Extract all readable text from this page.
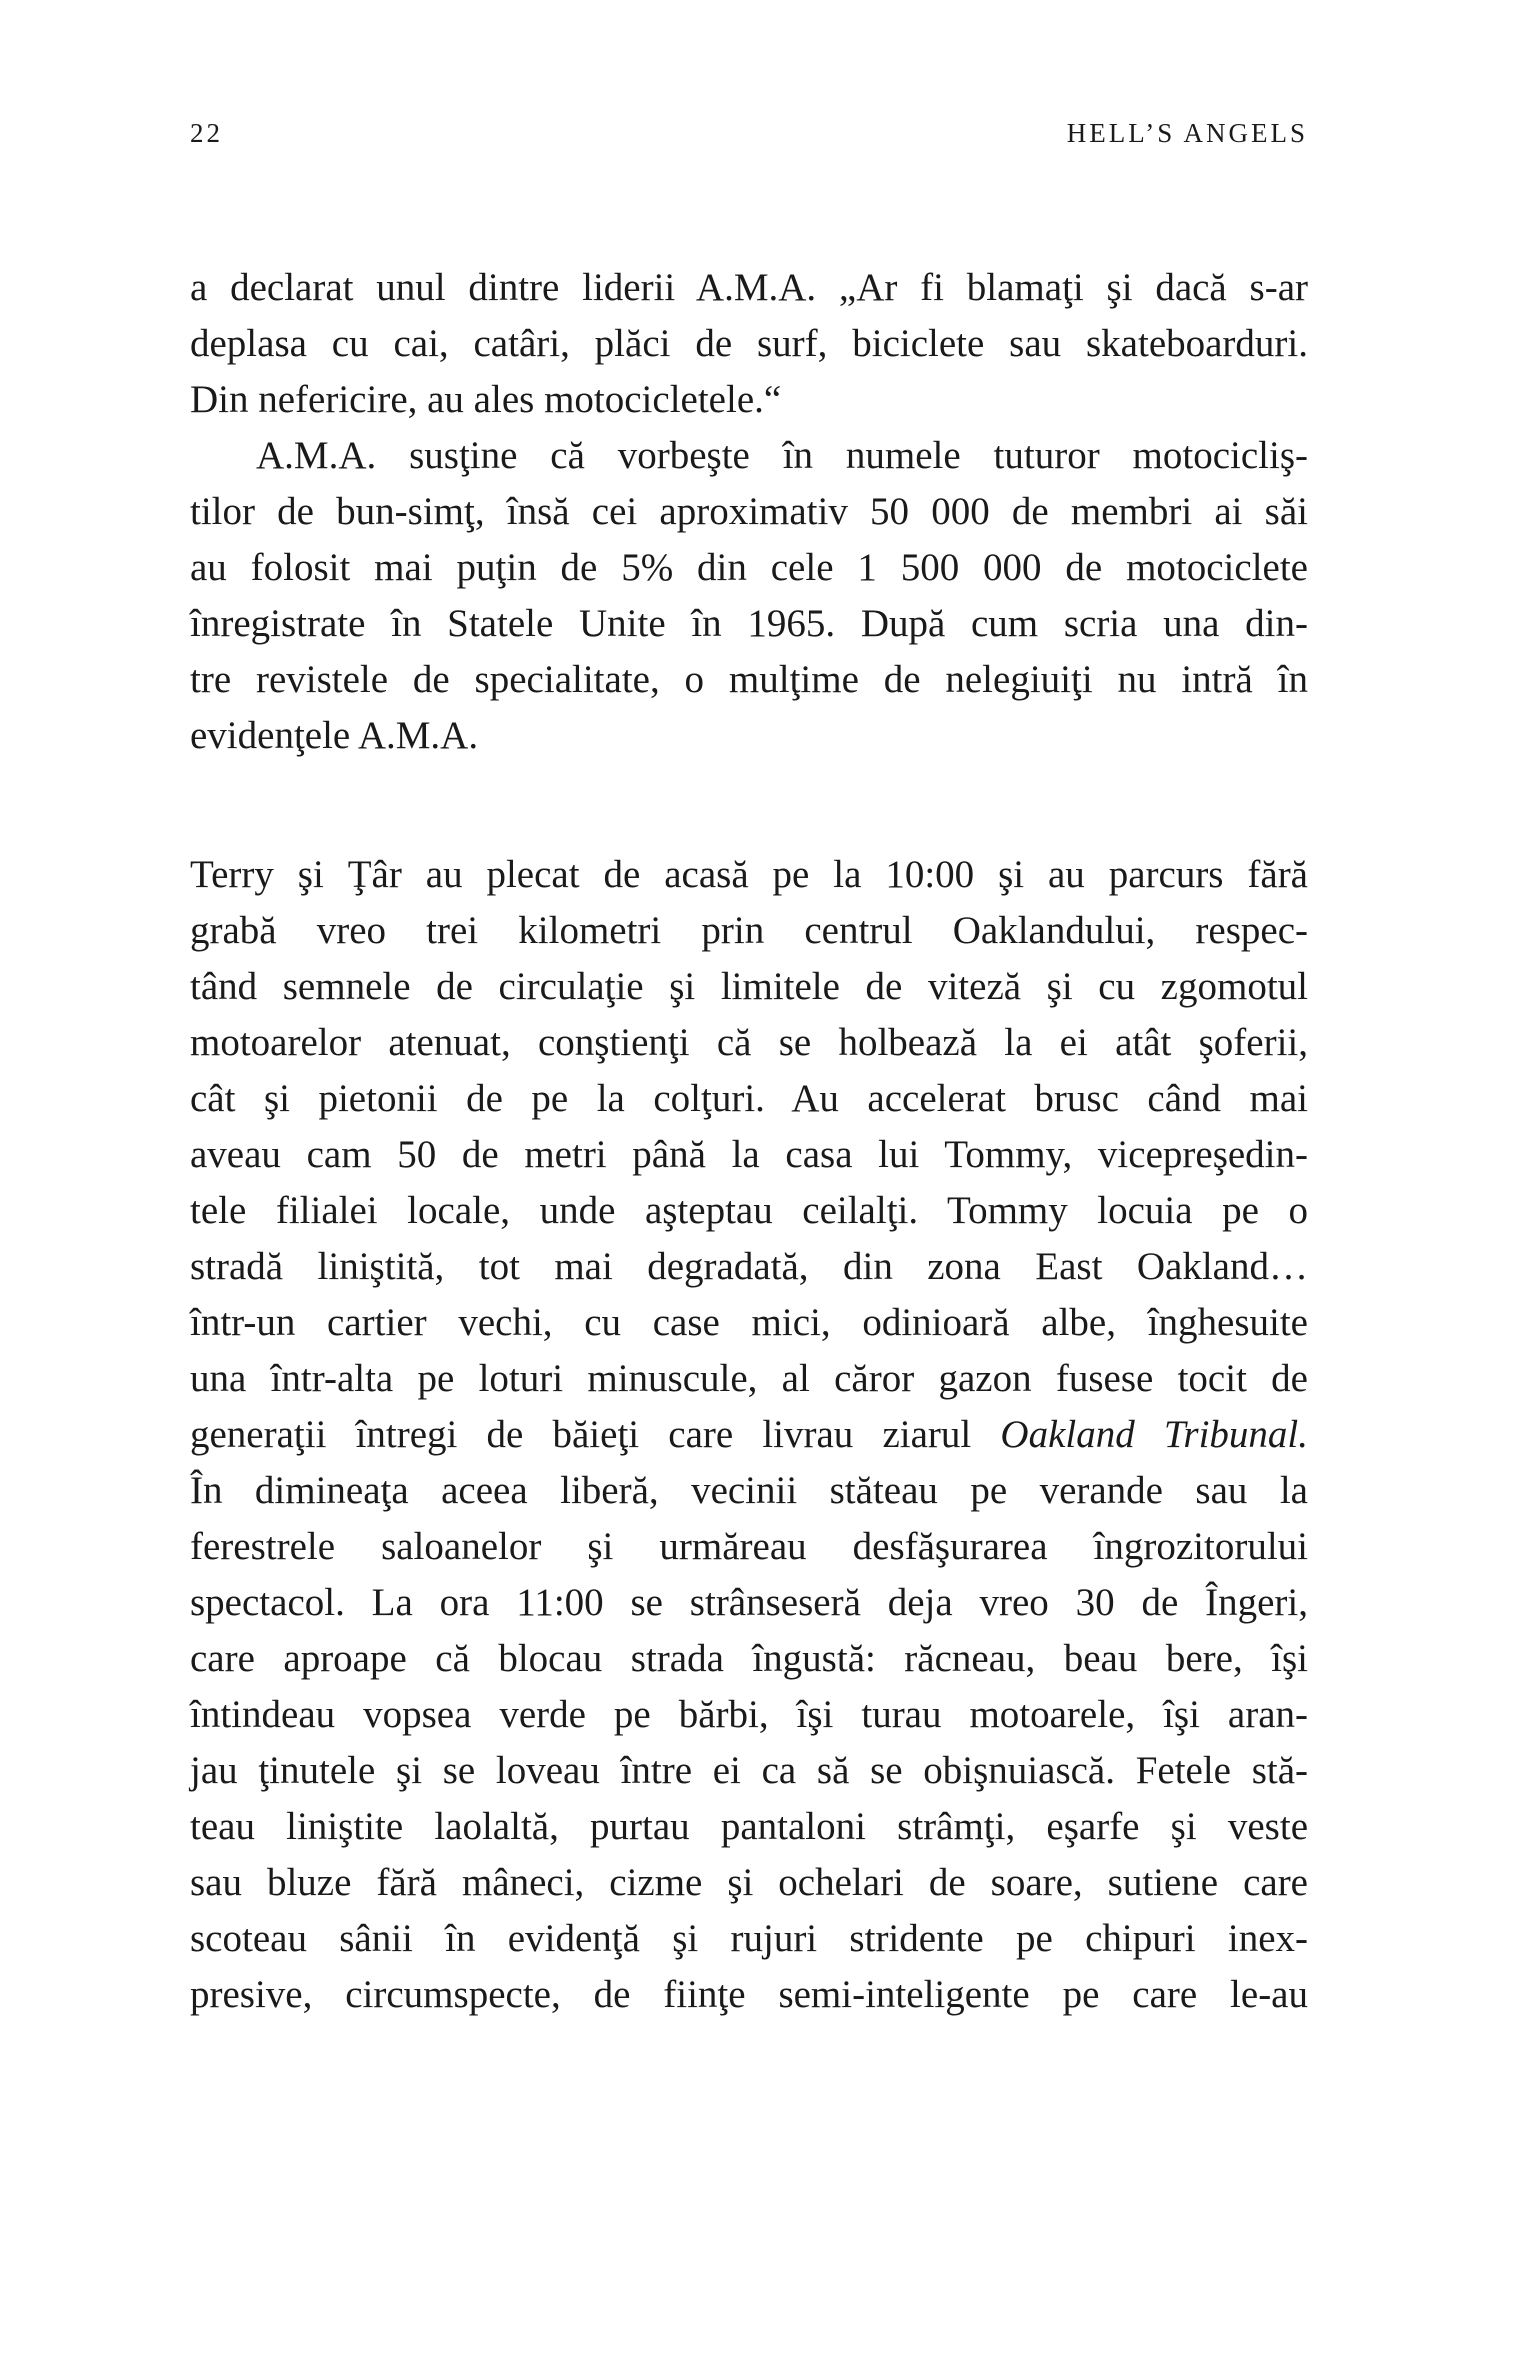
22	HELL’S ANGELS
a declarat unul dintre liderii A.M.A. „Ar fi blamaţi şi dacă s-ar
deplasa cu cai, catâri, plăci de surf, biciclete sau skateboarduri.
Din nefericire, au ales motocicletele.“
A.M.A. susţine că vorbeşte în numele tuturor motocicliş-
tilor de bun-simţ, însă cei aproximativ 50 000 de membri ai săi
au folosit mai puţin de 5% din cele 1 500 000 de motociclete
înregistrate în Statele Unite în 1965. După cum scria una din-
tre revistele de specialitate, o mulţime de nelegiuiţi nu intră în
evidenţele A.M.A.
Terry şi Ţâr au plecat de acasă pe la 10:00 şi au parcurs fără
grabă vreo trei kilometri prin centrul Oaklandului, respec-
tând semnele de circulaţie şi limitele de viteză şi cu zgomotul
motoarelor atenuat, conştienţi că se holbează la ei atât şoferii,
cât şi pietonii de pe la colţuri. Au accelerat brusc când mai
aveau cam 50 de metri până la casa lui Tommy, vicepreşedin-
tele filialei locale, unde aşteptau ceilalţi. Tommy locuia pe o
stradă liniştită, tot mai degradată, din zona East Oakland…
într-un cartier vechi, cu case mici, odinioară albe, înghesuite
una într-alta pe loturi minuscule, al căror gazon fusese tocit de
generaţii întregi de băieţi care livrau ziarul Oakland Tribunal.
În dimineaţa aceea liberă, vecinii stăteau pe verande sau la
ferestrele saloanelor şi urmăreau desfăşurarea îngrozitorului
spectacol. La ora 11:00 se strânseseră deja vreo 30 de Îngeri,
care aproape că blocau strada îngustă: răcneau, beau bere, îşi
întindeau vopsea verde pe bărbi, îşi turau motoarele, îşi aran-
jau ţinutele şi se loveau între ei ca să se obişnuiască. Fetele stă-
teau liniştite laolaltă, purtau pantaloni strâmţi, eşarfe şi veste
sau bluze fără mâneci, cizme şi ochelari de soare, sutiene care
scoteau sânii în evidenţă şi rujuri stridente pe chipuri inex-
presive, circumspecte, de fiinţe semi-inteligente pe care le-au
